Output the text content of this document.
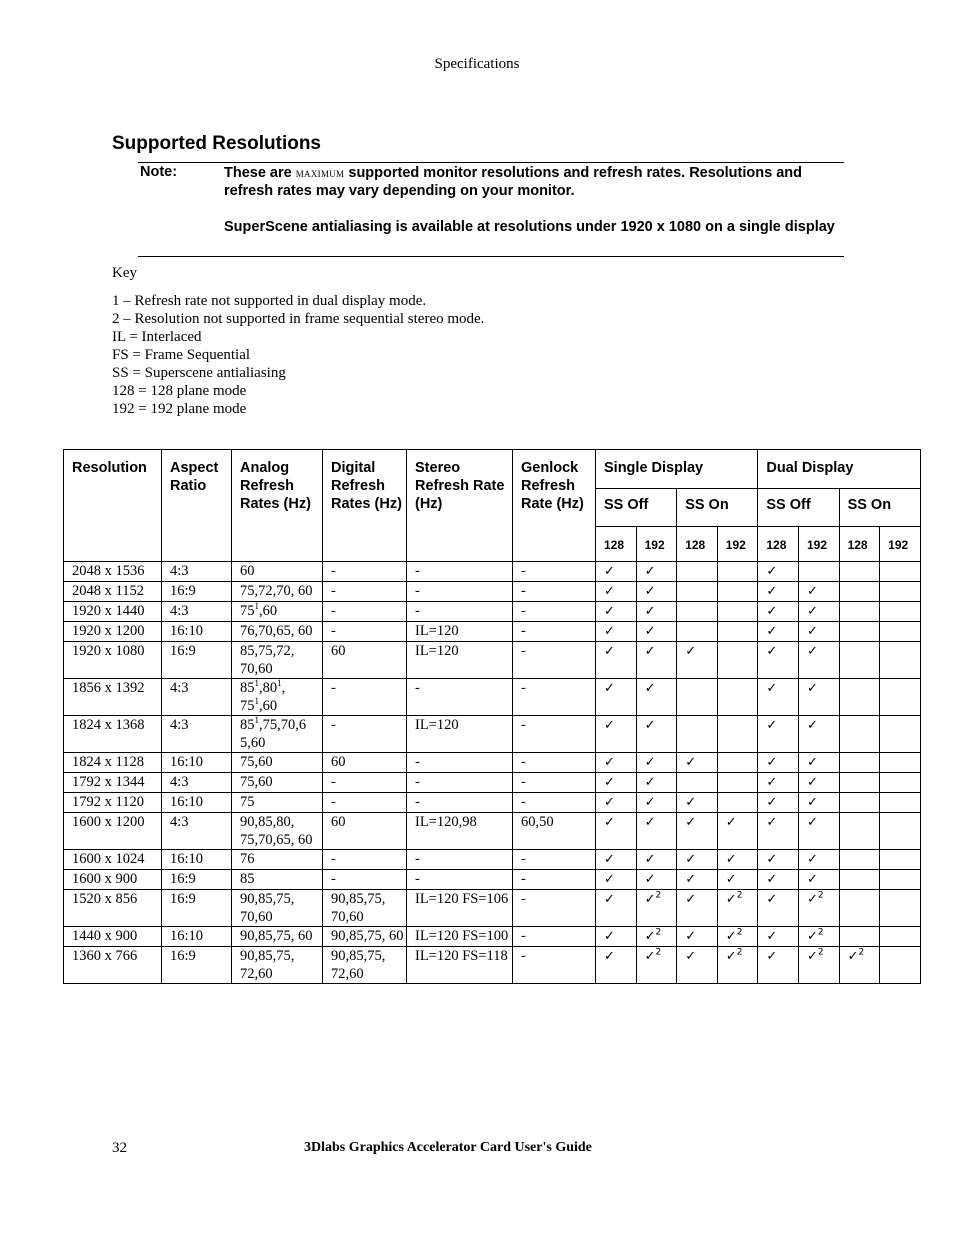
Specifications
Supported Resolutions
Note:	These are maximum supported monitor resolutions and refresh rates. Resolutions and refresh rates may vary depending on your monitor.
SuperScene antialiasing is available at resolutions under 1920 x 1080 on a single display
Key
1 – Refresh rate not supported in dual display mode.
2 – Resolution not supported in frame sequential stereo mode.
IL = Interlaced
FS = Frame Sequential
SS = Superscene antialiasing
128 = 128 plane mode
192 = 192 plane mode
Resolution	Aspect Ratio	Analog Refresh Rates (Hz)	Digital Refresh Rates (Hz)	Stereo Refresh Rate (Hz)	Genlock Refresh Rate (Hz)	Single Display				Dual Display			
						SS Off		SS On		SS Off		SS On	
						128	192	128	192	128	192	128	192
2048 x 1536	4:3	60	-	-	-	✓	✓			✓			
2048 x 1152	16:9	75,72,70, 60	-	-	-	✓	✓			✓	✓		
1920 x 1440	4:3	$75^1,60$	-	-	-	✓	✓			✓	✓		
1920 x 1200	16:10	76,70,65, 60	-	IL=120	-	✓	✓			✓	✓		
1920 x 1080	16:9	85,75,72, 70,60	60	IL=120	-	✓	✓	✓		✓	✓		
1856 x 1392	4:3	$85^1,80^1$, $75^1,60$	-	-	-	✓	✓			✓	✓		
1824 x 1368	4:3	$85^1,75,70,6$ 5,60	-	IL=120	-	✓	✓			✓	✓		
1824 x 1128	16:10	75,60	60	-	-	✓	✓	✓		✓	✓		
1792 x 1344	4:3	75,60	-	-	-	✓	✓			✓	✓		
1792 x 1120	16:10	75	-	-	-	✓	✓	✓		✓	✓		
1600 x 1200	4:3	90,85,80, 75,70,65, 60	60	IL=120,98	60,50	✓	✓	✓	✓	✓	✓		
1600 x 1024	16:10	76	-	-	-	✓	✓	✓	✓	✓	✓		
1600 x 900	16:9	85	-	-	-	✓	✓	✓	✓	✓	✓		
1520 x 856	16:9	90,85,75, 70,60	90,85,75, 70,60	IL=120 FS=106	-	✓	✓$^2$	✓	✓$^2$	✓	✓$^2$		
1440 x 900	16:10	90,85,75, 60	90,85,75, 60	IL=120 FS=100	-	✓	✓$^2$	✓	✓$^2$	✓	✓$^2$		
1360 x 766	16:9	90,85,75, 72,60	90,85,75, 72,60	IL=120 FS=118	-	✓	✓$^2$	✓	✓$^2$	✓	✓$^2$	✓$^2$	
32	3Dlabs Graphics Accelerator Card User's Guide
